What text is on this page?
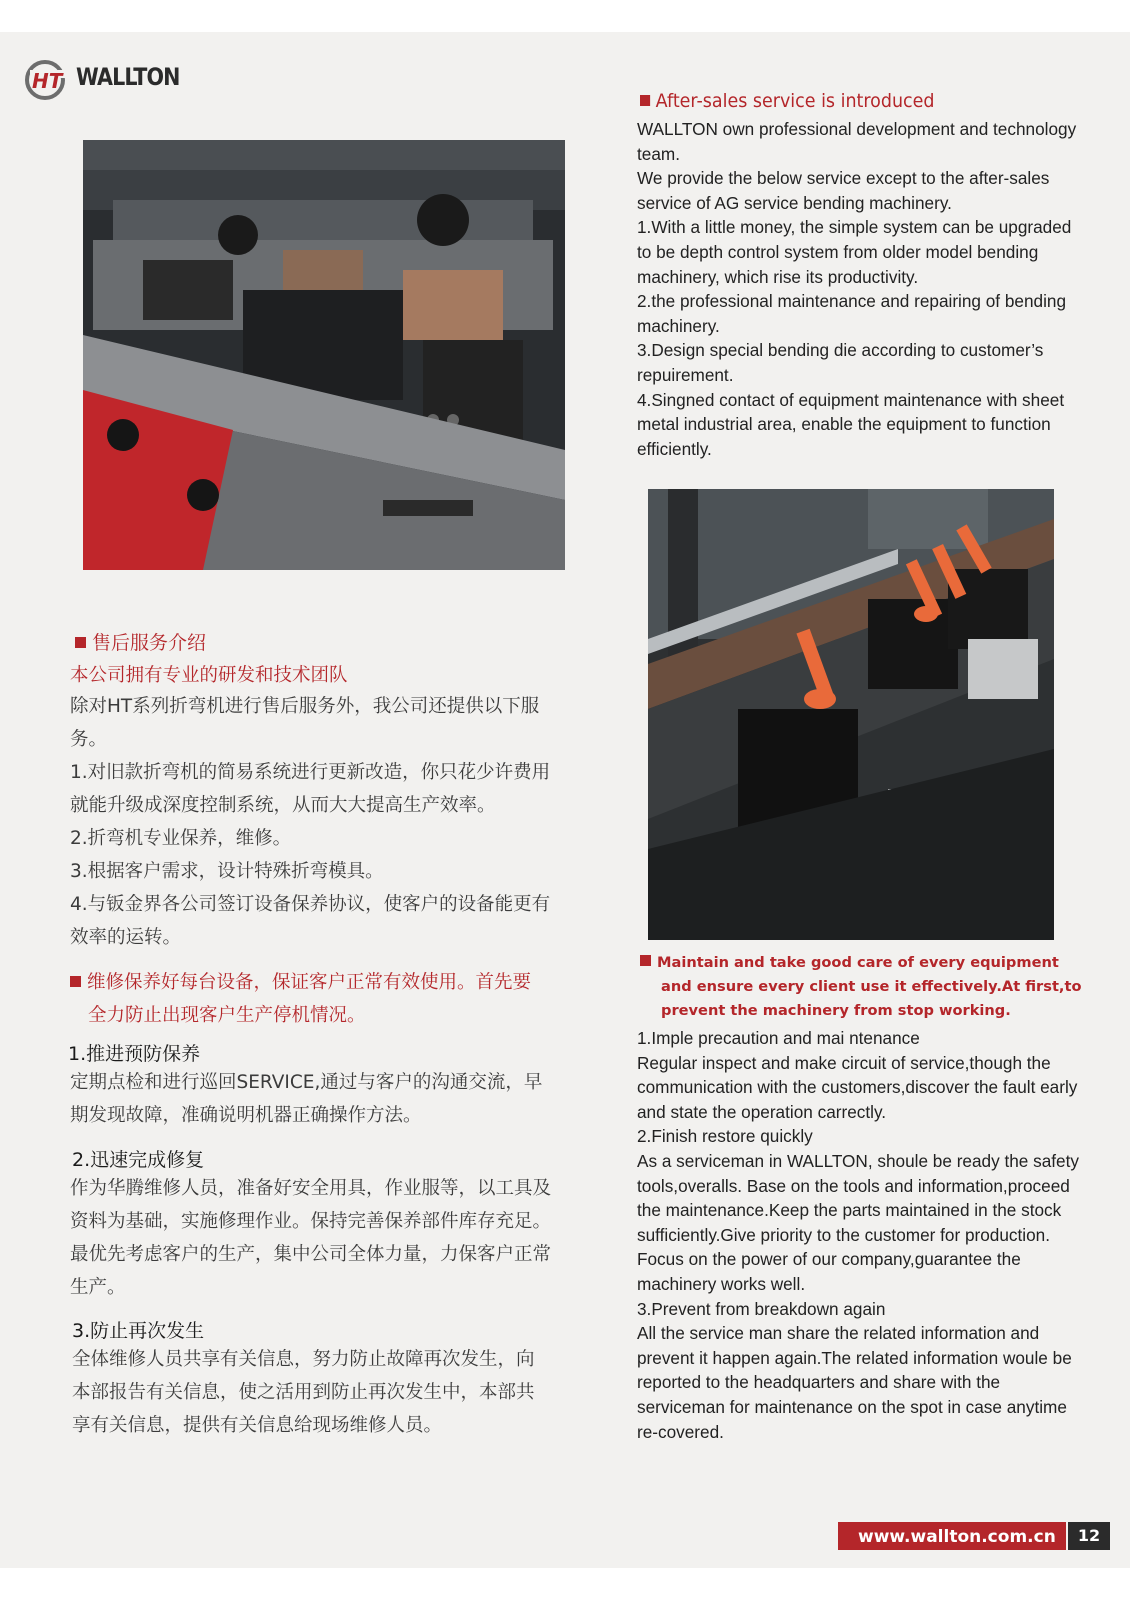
HT WALLTON
售后服务介绍
本公司拥有专业的研发和技术团队
除对HT系列折弯机进行售后服务外，我公司还提供以下服务。
1.对旧款折弯机的简易系统进行更新改造，你只花少许费用就能升级成深度控制系统，从而大大提高生产效率。
2.折弯机专业保养，维修。
3.根据客户需求，设计特殊折弯模具。
4.与钣金界各公司签订设备保养协议，使客户的设备能更有效率的运转。
维修保养好每台设备，保证客户正常有效使用。首先要
全力防止出现客户生产停机情况。
1.推进预防保养
定期点检和进行巡回SERVICE,通过与客户的沟通交流，早期发现故障，准确说明机器正确操作方法。
2.迅速完成修复
作为华腾维修人员，准备好安全用具，作业服等，以工具及资料为基础，实施修理作业。保持完善保养部件库存充足。最优先考虑客户的生产，集中公司全体力量，力保客户正常生产。
3.防止再次发生
全体维修人员共享有关信息，努力防止故障再次发生，向本部报告有关信息，使之活用到防止再次发生中，本部共享有关信息，提供有关信息给现场维修人员。
After-sales service is introduced
WALLTON own professional development and technology team.
We provide the below service except to the after-sales service of AG service bending machinery.
1.With a little money, the simple system can be upgraded to be depth control system from older model bending machinery, which rise its productivity.
2.the professional maintenance and repairing of bending machinery.
3.Design special bending die according to customer’s repuirement.
4.Singned contact of equipment maintenance with sheet metal industrial area, enable the equipment to function efficiently.
Maintain and take good care of every equipment
and ensure every client use it effectively.At first,to
prevent the machinery from stop working.
1.Imple precaution and mai ntenance
Regular inspect and make circuit of service,though the communication with the customers,discover the fault early and state the operation carrectly.
2.Finish restore quickly
As a serviceman in WALLTON, shoule be ready the safety tools,overalls. Base on the tools and information,proceed the maintenance.Keep the parts maintained in the stock sufficiently.Give priority to the customer for production. Focus on the power of our company,guarantee the machinery works well.
3.Prevent from breakdown again
All the service man share the related information and prevent it happen again.The related information woule be reported to the headquarters and share with the serviceman for maintenance on the spot in case anytime re-covered.
www.wallton.com.cn	12
